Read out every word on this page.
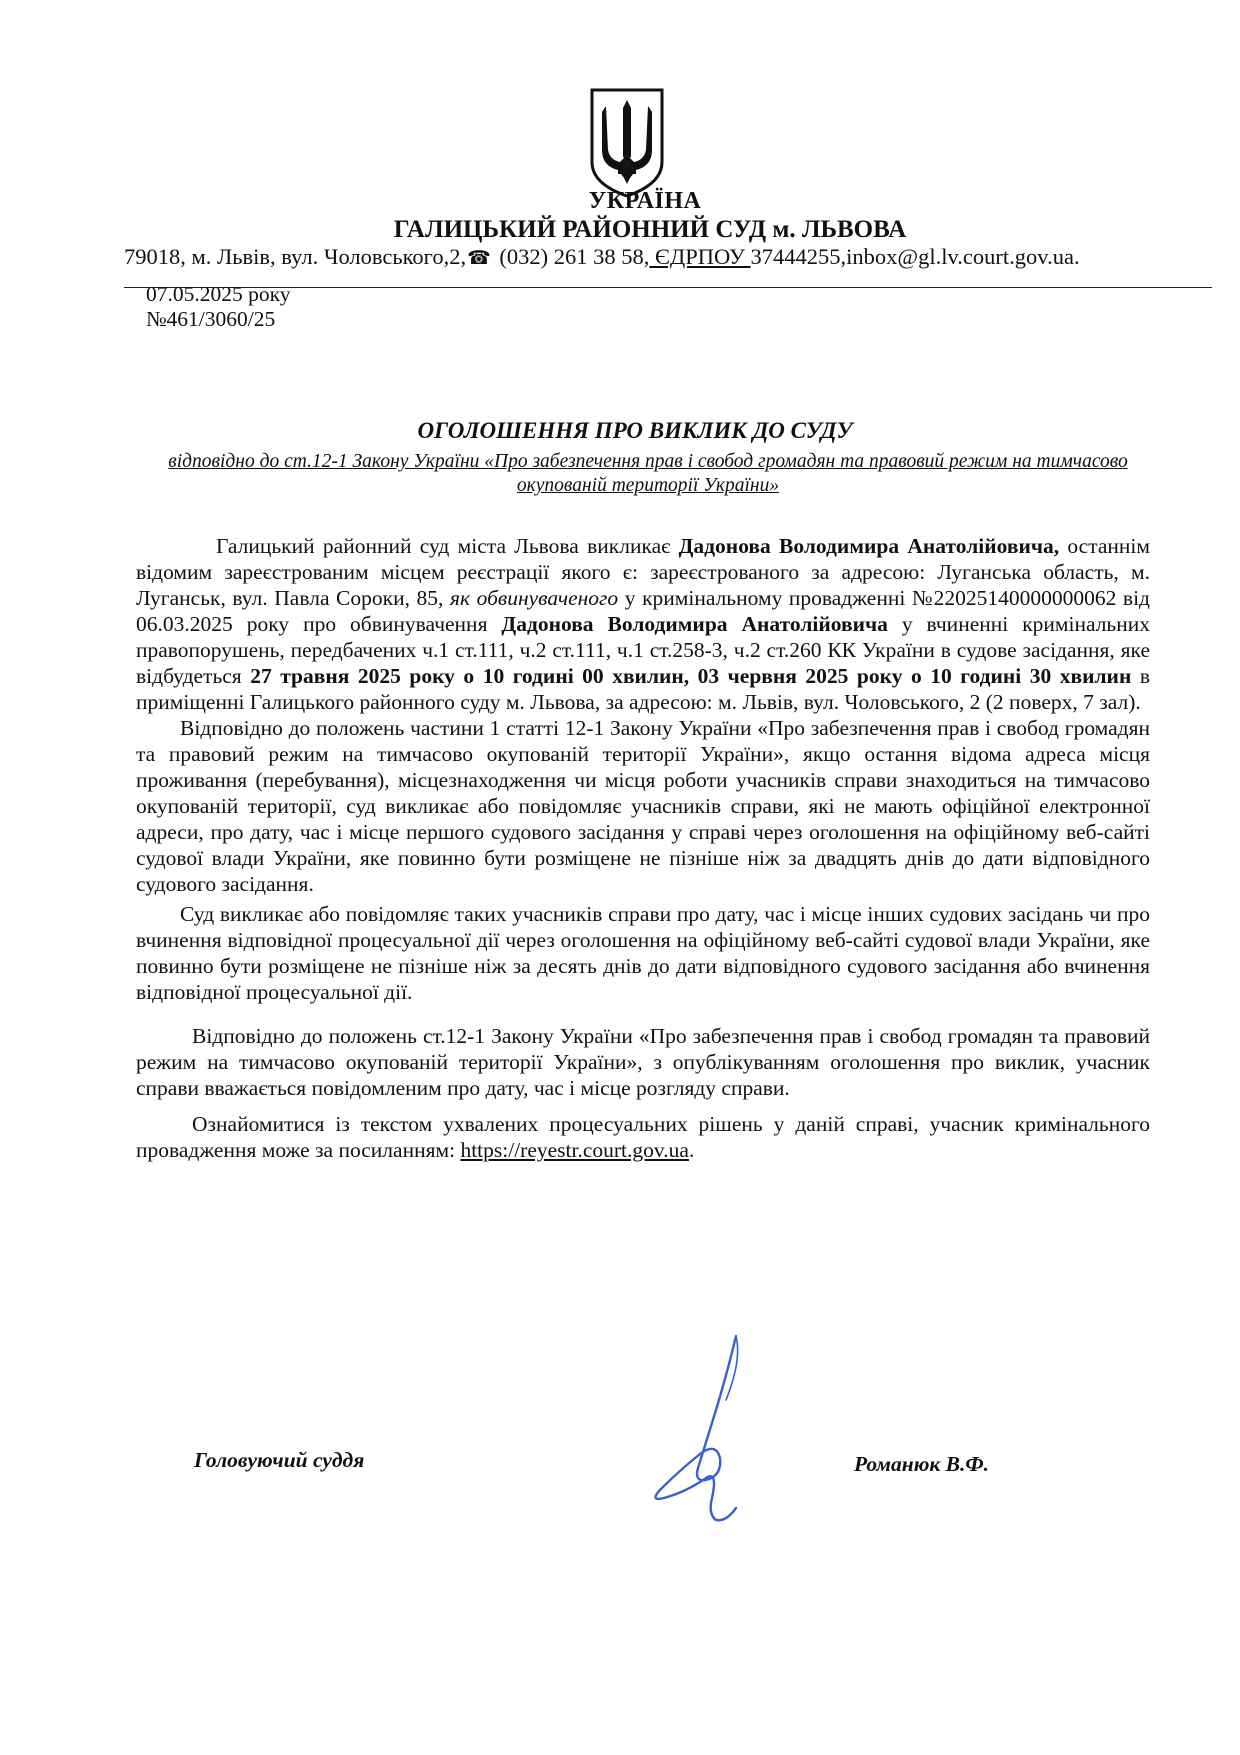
УКРАЇНА
ГАЛИЦЬКИЙ РАЙОННИЙ СУД м. ЛЬВОВА
79018, м. Львів, вул. Чоловського,2,☎ (032) 261 38 58, ЄДРПОУ 37444255,inbox@gl.lv.court.gov.ua.
07.05.2025 року
№461/3060/25
ОГОЛОШЕННЯ ПРО ВИКЛИК ДО СУДУ
відповідно до ст.12-1 Закону України «Про забезпечення прав і свобод громадян та правовий режим на тимчасово окупованій території України»

Галицький районний суд міста Львова викликає Дадонова Володимира Анатолійовича, останнім відомим зареєстрованим місцем реєстрації якого є: зареєстрованого за адресою: Луганська область, м. Луганськ, вул. Павла Сороки, 85, як обвинуваченого у кримінальному провадженні №22025140000000062 від 06.03.2025 року про обвинувачення Дадонова Володимира Анатолійовича у вчиненні кримінальних правопорушень, передбачених ч.1 ст.111, ч.2 ст.111, ч.1 ст.258-3, ч.2 ст.260 КК України в судове засідання, яке відбудеться 27 травня 2025 року о 10 годині 00 хвилин, 03 червня 2025 року о 10 годині 30 хвилин в приміщенні Галицького районного суду м. Львова, за адресою: м. Львів, вул. Чоловського, 2 (2 поверх, 7 зал).

Відповідно до положень частини 1 статті 12-1 Закону України «Про забезпечення прав і свобод громадян та правовий режим на тимчасово окупованій території України», якщо остання відома адреса місця проживання (перебування), місцезнаходження чи місця роботи учасників справи знаходиться на тимчасово окупованій території, суд викликає або повідомляє учасників справи, які не мають офіційної електронної адреси, про дату, час і місце першого судового засідання у справі через оголошення на офіційному веб-сайті судової влади України, яке повинно бути розміщене не пізніше ніж за двадцять днів до дати відповідного судового засідання.

Суд викликає або повідомляє таких учасників справи про дату, час і місце інших судових засідань чи про вчинення відповідної процесуальної дії через оголошення на офіційному веб-сайті судової влади України, яке повинно бути розміщене не пізніше ніж за десять днів до дати відповідного судового засідання або вчинення відповідної процесуальної дії.

Відповідно до положень ст.12-1 Закону України «Про забезпечення прав і свобод громадян та правовий режим на тимчасово окупованій території України», з опублікуванням оголошення про виклик, учасник справи вважається повідомленим про дату, час і місце розгляду справи.

Ознайомитися із текстом ухвалених процесуальних рішень у даній справі, учасник кримінального провадження може за посиланням: https://reyestr.court.gov.ua.

Головуючий суддя	Романюк В.Ф.
